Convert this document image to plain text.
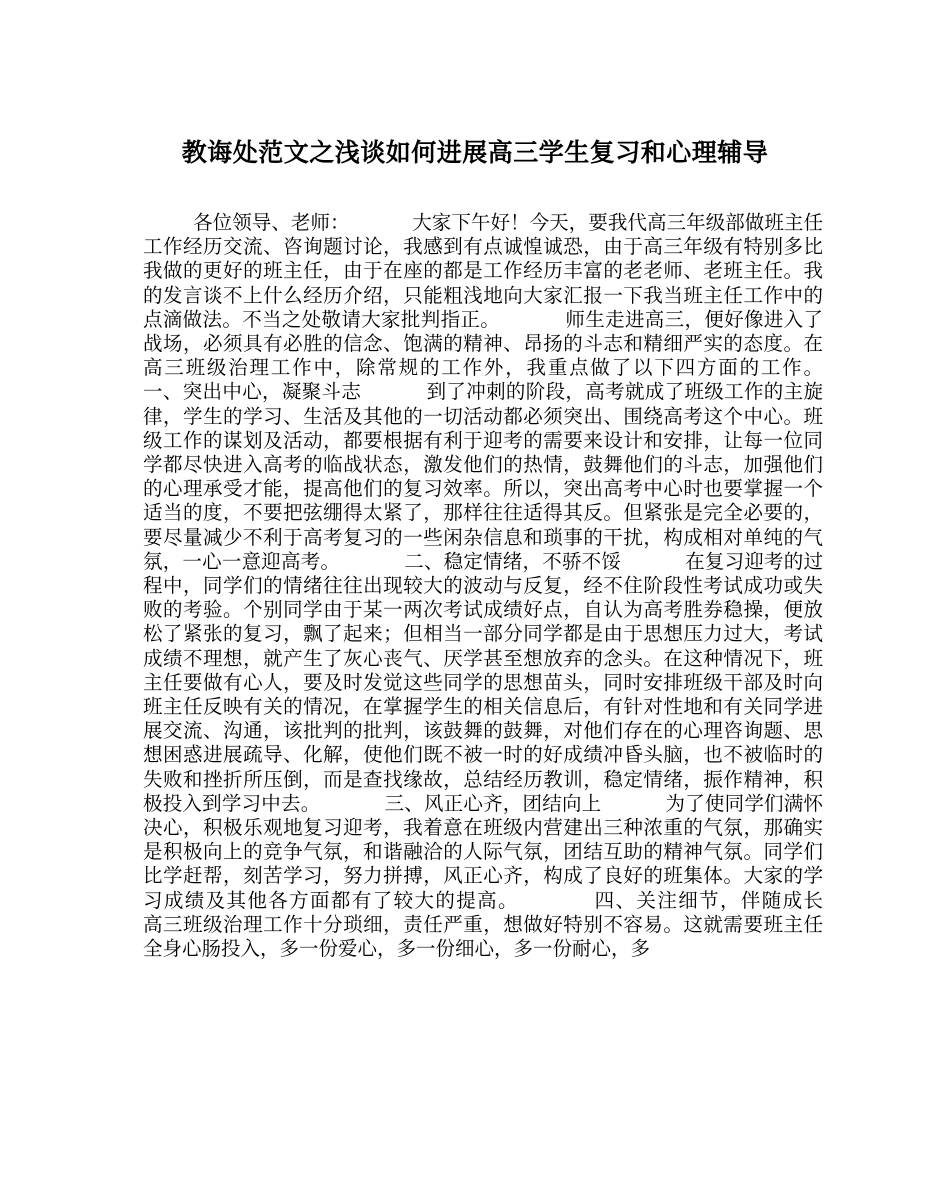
教诲处范文之浅谈如何进展高三学生复习和心理辅导

各位领导、老师：          大家下午好！今天，要我代高三年级部做班主任工作经历交流、咨询题讨论，我感到有点诚惶诚恐，由于高三年级有特别多比我做的更好的班主任，由于在座的都是工作经历丰富的老老师、老班主任。我的发言谈不上什么经历介绍，只能粗浅地向大家汇报一下我当班主任工作中的点滴做法。不当之处敬请大家批判指正。          师生走进高三，便好像进入了战场，必须具有必胜的信念、饱满的精神、昂扬的斗志和精细严实的态度。在高三班级治理工作中，除常规的工作外，我重点做了以下四方面的工作。          一、突出中心，凝聚斗志          到了冲刺的阶段，高考就成了班级工作的主旋律，学生的学习、生活及其他的一切活动都必须突出、围绕高考这个中心。班级工作的谋划及活动，都要根据有利于迎考的需要来设计和安排，让每一位同学都尽快进入高考的临战状态，激发他们的热情，鼓舞他们的斗志，加强他们的心理承受才能，提高他们的复习效率。所以，突出高考中心时也要掌握一个适当的度，不要把弦绷得太紧了，那样往往适得其反。但紧张是完全必要的，要尽量减少不利于高考复习的一些闲杂信息和琐事的干扰，构成相对单纯的气氛，一心一意迎高考。          二、稳定情绪，不骄不馁          在复习迎考的过程中，同学们的情绪往往出现较大的波动与反复，经不住阶段性考试成功或失败的考验。个别同学由于某一两次考试成绩好点，自认为高考胜券稳操，便放松了紧张的复习，飘了起来；但相当一部分同学都是由于思想压力过大，考试成绩不理想，就产生了灰心丧气、厌学甚至想放弃的念头。在这种情况下，班主任要做有心人，要及时发觉这些同学的思想苗头，同时安排班级干部及时向班主任反映有关的情况，在掌握学生的相关信息后，有针对性地和有关同学进展交流、沟通，该批判的批判，该鼓舞的鼓舞，对他们存在的心理咨询题、思想困惑进展疏导、化解，使他们既不被一时的好成绩冲昏头脑，也不被临时的失败和挫折所压倒，而是查找缘故，总结经历教训，稳定情绪，振作精神，积极投入到学习中去。          三、风正心齐，团结向上          为了使同学们满怀决心，积极乐观地复习迎考，我着意在班级内营建出三种浓重的气氛，那确实是积极向上的竞争气氛，和谐融洽的人际气氛，团结互助的精神气氛。同学们比学赶帮，刻苦学习，努力拼搏，风正心齐，构成了良好的班集体。大家的学习成绩及其他各方面都有了较大的提高。          四、关注细节，伴随成长          高三班级治理工作十分琐细，责任严重，想做好特别不容易。这就需要班主任全身心肠投入，多一份爱心，多一份细心，多一份耐心，多
